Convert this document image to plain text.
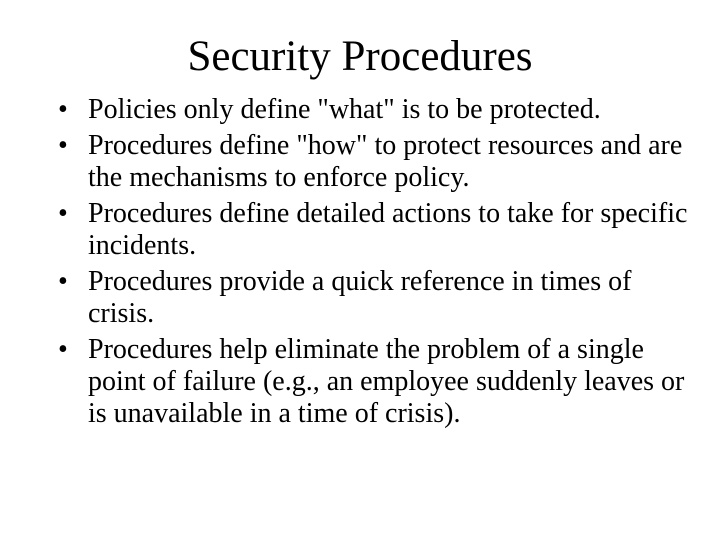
Security Procedures
• Policies only define "what" is to be protected.
• Procedures define "how" to protect resources and are the mechanisms to enforce policy.
• Procedures define detailed actions to take for specific incidents.
• Procedures provide a quick reference in times of crisis.
• Procedures help eliminate the problem of a single point of failure (e.g., an employee suddenly leaves or is unavailable in a time of crisis).
